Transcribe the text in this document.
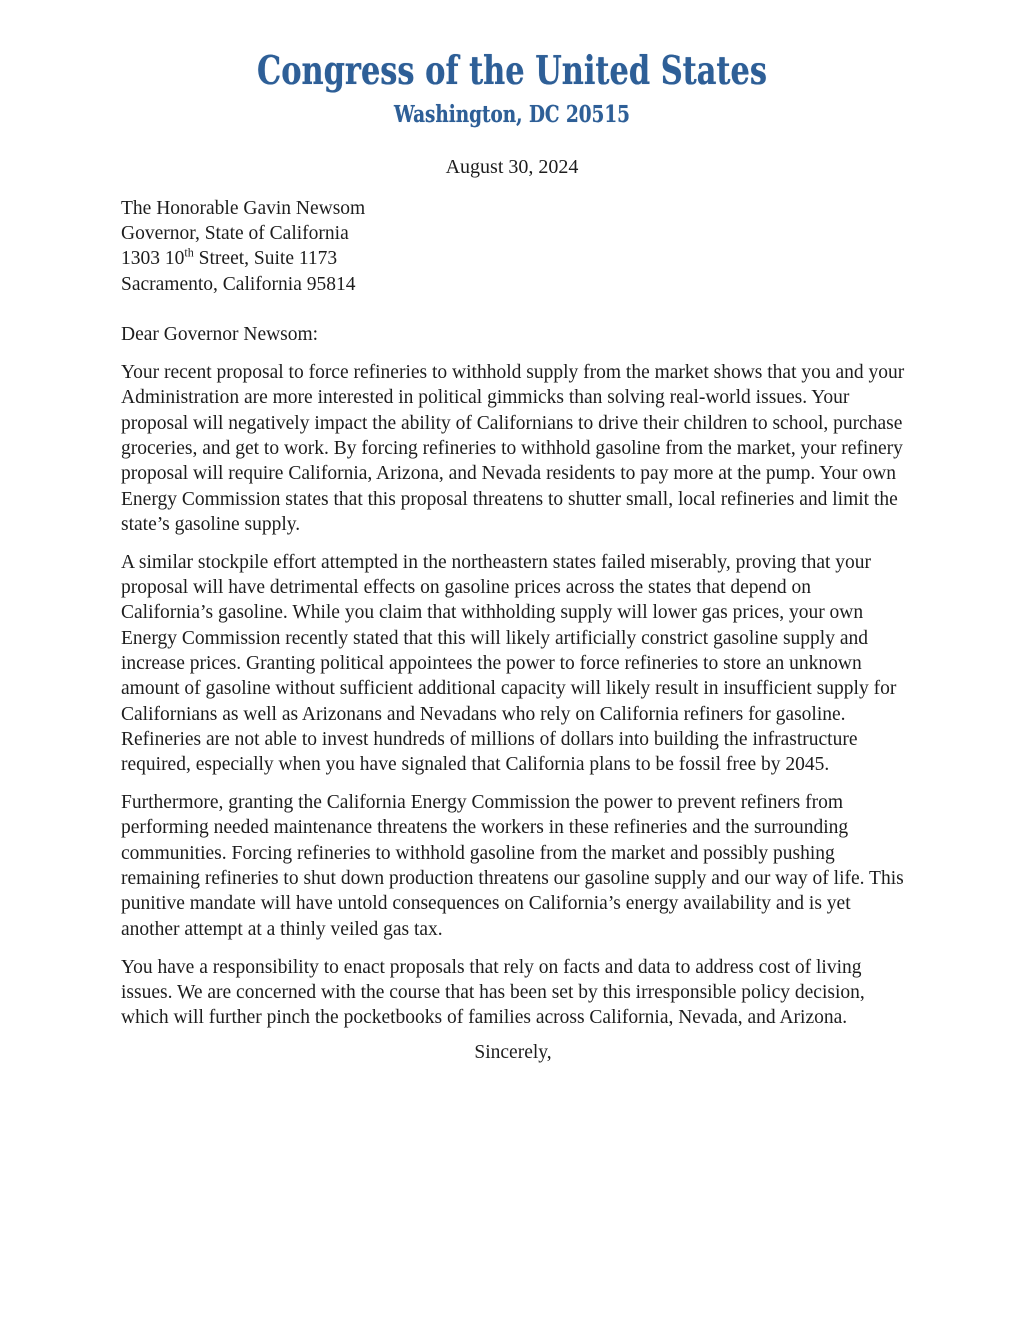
Congress of the United States
Washington, DC 20515
August 30, 2024
The Honorable Gavin Newsom
Governor, State of California
1303 10th Street, Suite 1173
Sacramento, California 95814

Dear Governor Newsom:

Your recent proposal to force refineries to withhold supply from the market shows that you and your Administration are more interested in political gimmicks than solving real-world issues. Your proposal will negatively impact the ability of Californians to drive their children to school, purchase groceries, and get to work. By forcing refineries to withhold gasoline from the market, your refinery proposal will require California, Arizona, and Nevada residents to pay more at the pump. Your own Energy Commission states that this proposal threatens to shutter small, local refineries and limit the state’s gasoline supply.

A similar stockpile effort attempted in the northeastern states failed miserably, proving that your proposal will have detrimental effects on gasoline prices across the states that depend on California’s gasoline. While you claim that withholding supply will lower gas prices, your own Energy Commission recently stated that this will likely artificially constrict gasoline supply and increase prices. Granting political appointees the power to force refineries to store an unknown amount of gasoline without sufficient additional capacity will likely result in insufficient supply for Californians as well as Arizonans and Nevadans who rely on California refiners for gasoline. Refineries are not able to invest hundreds of millions of dollars into building the infrastructure required, especially when you have signaled that California plans to be fossil free by 2045.

Furthermore, granting the California Energy Commission the power to prevent refiners from performing needed maintenance threatens the workers in these refineries and the surrounding communities. Forcing refineries to withhold gasoline from the market and possibly pushing remaining refineries to shut down production threatens our gasoline supply and our way of life. This punitive mandate will have untold consequences on California’s energy availability and is yet another attempt at a thinly veiled gas tax.

You have a responsibility to enact proposals that rely on facts and data to address cost of living issues. We are concerned with the course that has been set by this irresponsible policy decision, which will further pinch the pocketbooks of families across California, Nevada, and Arizona.

Sincerely,
